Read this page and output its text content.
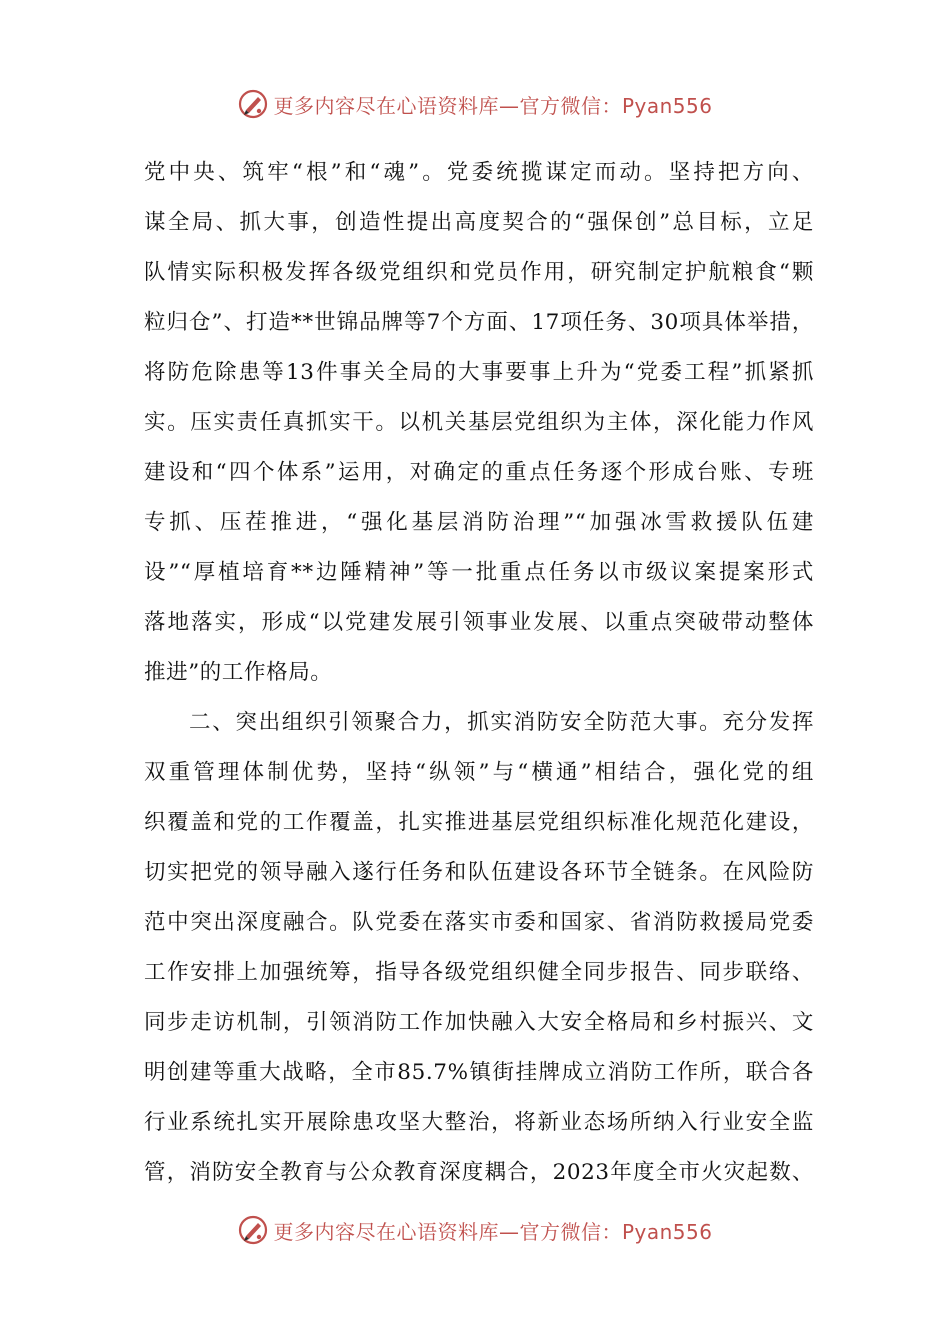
更多内容尽在心语资料库—官方微信：Pyan556
党中央、筑牢“根”和“魂”。党委统揽谋定而动。坚持把方向、
谋全局、抓大事，创造性提出高度契合的“强保创”总目标，立足
队情实际积极发挥各级党组织和党员作用，研究制定护航粮食“颗
粒归仓”、打造**世锦品牌等7个方面、17项任务、30项具体举措，
将防危除患等13件事关全局的大事要事上升为“党委工程”抓紧抓
实。压实责任真抓实干。以机关基层党组织为主体，深化能力作风
建设和“四个体系”运用，对确定的重点任务逐个形成台账、专班
专抓、压茬推进，“强化基层消防治理”“加强冰雪救援队伍建
设”“厚植培育**边陲精神”等一批重点任务以市级议案提案形式
落地落实，形成“以党建发展引领事业发展、以重点突破带动整体
推进”的工作格局。
二、突出组织引领聚合力，抓实消防安全防范大事。充分发挥
双重管理体制优势，坚持“纵领”与“横通”相结合，强化党的组
织覆盖和党的工作覆盖，扎实推进基层党组织标准化规范化建设，
切实把党的领导融入遂行任务和队伍建设各环节全链条。在风险防
范中突出深度融合。队党委在落实市委和国家、省消防救援局党委
工作安排上加强统筹，指导各级党组织健全同步报告、同步联络、
同步走访机制，引领消防工作加快融入大安全格局和乡村振兴、文
明创建等重大战略，全市85.7%镇街挂牌成立消防工作所，联合各
行业系统扎实开展除患攻坚大整治，将新业态场所纳入行业安全监
管，消防安全教育与公众教育深度耦合，2023年度全市火灾起数、
更多内容尽在心语资料库—官方微信：Pyan556
